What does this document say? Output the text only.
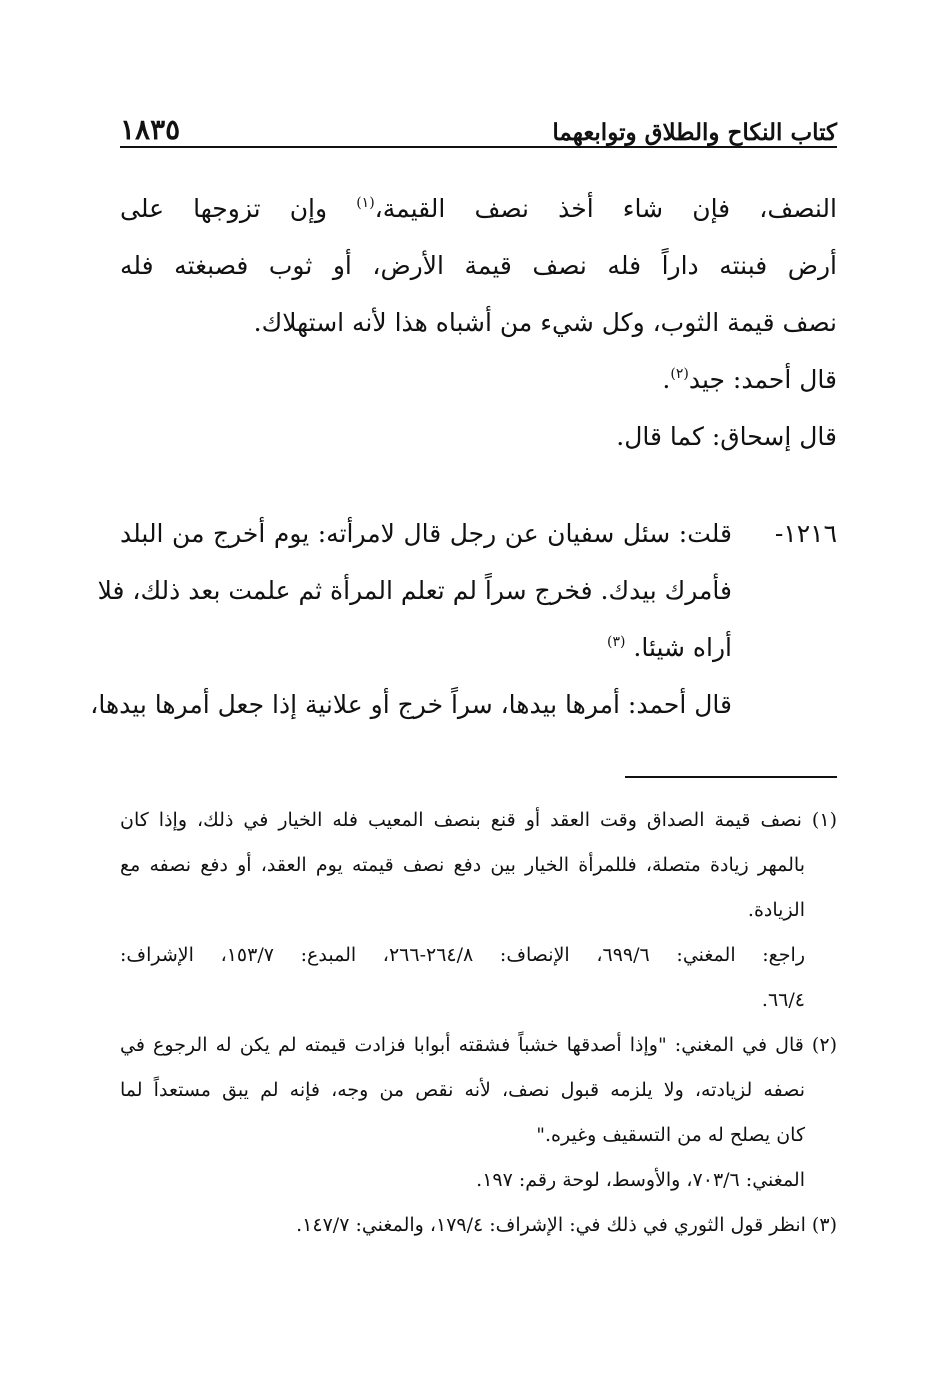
كتاب النكاح والطلاق وتوابعهما
١٨٣٥
النصف، فإن شاء أخذ نصف القيمة،$^{(١)}$ وإن تزوجها على
أرض فبنته داراً فله نصف قيمة الأرض، أو ثوب فصبغته فله
نصف قيمة الثوب، وكل شيء من أشباه هذا لأنه استهلاك.
قال أحمد: جيد$^{(٢)}$.
قال إسحاق: كما قال.
١٢١٦-
قلت: سئل سفيان عن رجل قال لامرأته: يوم أخرج من البلد
فأمرك بيدك. فخرج سراً لم تعلم المرأة ثم علمت بعد ذلك، فلا
أراه شيئا. $^{(٣)}$
قال أحمد: أمرها بيدها، سراً خرج أو علانية إذا جعل أمرها بيدها،
(١) نصف قيمة الصداق وقت العقد أو قنع بنصف المعيب فله الخيار في ذلك، وإذا كان
بالمهر زيادة متصلة، فللمرأة الخيار بين دفع نصف قيمته يوم العقد، أو دفع نصفه مع
الزيادة.
راجع: المغني: ٦٩٩/٦، الإنصاف: ٢٦٤/٨-٢٦٦، المبدع: ١٥٣/٧، الإشراف:
٦٦/٤.
(٢) قال في المغني: "وإذا أصدقها خشباً فشقته أبوابا فزادت قيمته لم يكن له الرجوع في
نصفه لزيادته، ولا يلزمه قبول نصف، لأنه نقص من وجه، فإنه لم يبق مستعداً لما
كان يصلح له من التسقيف وغيره."
المغني: ٧٠٣/٦، والأوسط، لوحة رقم: ١٩٧.
(٣) انظر قول الثوري في ذلك في: الإشراف: ١٧٩/٤، والمغني: ١٤٧/٧.
